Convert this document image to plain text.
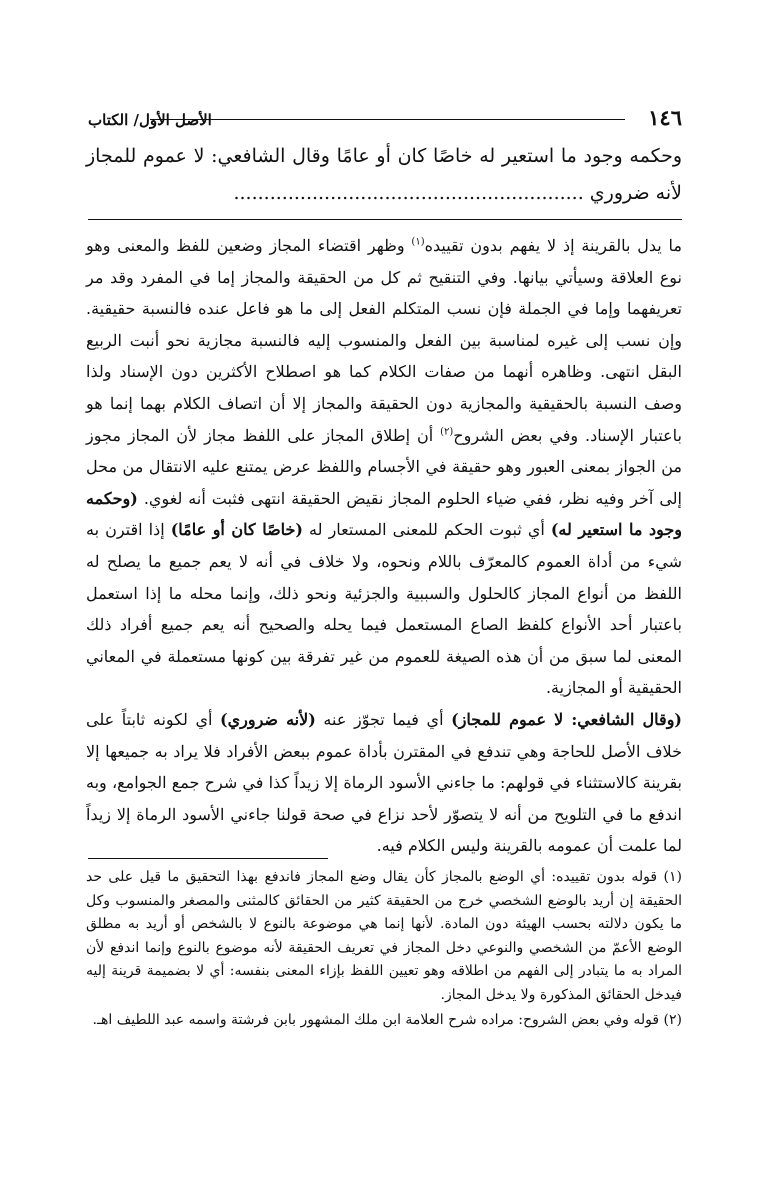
١٤٦
الأصل الأول/ الكتاب

وحكمه وجود ما استعير له خاصًا كان أو عامًا وقال الشافعي: لا عموم للمجاز لأنه ضروري ..........................................................

ما يدل بالقرينة إذ لا يفهم بدون تقييده$^{(١)}$ وظهر اقتضاء المجاز وضعين للفظ والمعنى وهو نوع العلاقة وسيأتي بيانها. وفي التنقيح ثم كل من الحقيقة والمجاز إما في المفرد وقد مر تعريفهما وإما في الجملة فإن نسب المتكلم الفعل إلى ما هو فاعل عنده فالنسبة حقيقية. وإن نسب إلى غيره لمناسبة بين الفعل والمنسوب إليه فالنسبة مجازية نحو أنبت الربيع البقل انتهى. وظاهره أنهما من صفات الكلام كما هو اصطلاح الأكثرين دون الإسناد ولذا وصف النسبة بالحقيقية والمجازية دون الحقيقة والمجاز إلا أن اتصاف الكلام بهما إنما هو باعتبار الإسناد. وفي بعض الشروح$^{(٢)}$ أن إطلاق المجاز على اللفظ مجاز لأن المجاز مجوز من الجواز بمعنى العبور وهو حقيقة في الأجسام واللفظ عرض يمتنع عليه الانتقال من محل إلى آخر وفيه نظر، ففي ضياء الحلوم المجاز نقيض الحقيقة انتهى فثبت أنه لغوي. (وحكمه وجود ما استعير له) أي ثبوت الحكم للمعنى المستعار له (خاصًا كان أو عامًا) إذا اقترن به شيء من أداة العموم كالمعرّف باللام ونحوه، ولا خلاف في أنه لا يعم جميع ما يصلح له اللفظ من أنواع المجاز كالحلول والسببية والجزئية ونحو ذلك، وإنما محله ما إذا استعمل باعتبار أحد الأنواع كلفظ الصاع المستعمل فيما يحله والصحيح أنه يعم جميع أفراد ذلك المعنى لما سبق من أن هذه الصيغة للعموم من غير تفرقة بين كونها مستعملة في المعاني الحقيقية أو المجازية.

(وقال الشافعي: لا عموم للمجاز) أي فيما تجوّز عنه (لأنه ضروري) أي لكونه ثابتاً على خلاف الأصل للحاجة وهي تندفع في المقترن بأداة عموم ببعض الأفراد فلا يراد به جميعها إلا بقرينة كالاستثناء في قولهم: ما جاءني الأسود الرماة إلا زيداً كذا في شرح جمع الجوامع، وبه اندفع ما في التلويح من أنه لا يتصوّر لأحد نزاع في صحة قولنا جاءني الأسود الرماة إلا زيداً لما علمت أن عمومه بالقرينة وليس الكلام فيه.

(١) قوله بدون تقييده: أي الوضع بالمجاز كأن يقال وضع المجاز فاندفع بهذا التحقيق ما قيل على حد الحقيقة إن أريد بالوضع الشخصي خرج من الحقيقة كثير من الحقائق كالمثنى والمصغر والمنسوب وكل ما يكون دلالته بحسب الهيئة دون المادة. لأنها إنما هي موضوعة بالنوع لا بالشخص أو أريد به مطلق الوضع الأعمّ من الشخصي والنوعي دخل المجاز في تعريف الحقيقة لأنه موضوع بالنوع وإنما اندفع لأن المراد به ما يتبادر إلى الفهم من اطلاقه وهو تعيين اللفظ بإزاء المعنى بنفسه: أي لا بضميمة قرينة إليه فيدخل الحقائق المذكورة ولا يدخل المجاز.

(٢) قوله وفي بعض الشروح: مراده شرح العلامة ابن ملك المشهور بابن فرشتة واسمه عبد اللطيف اهـ.
